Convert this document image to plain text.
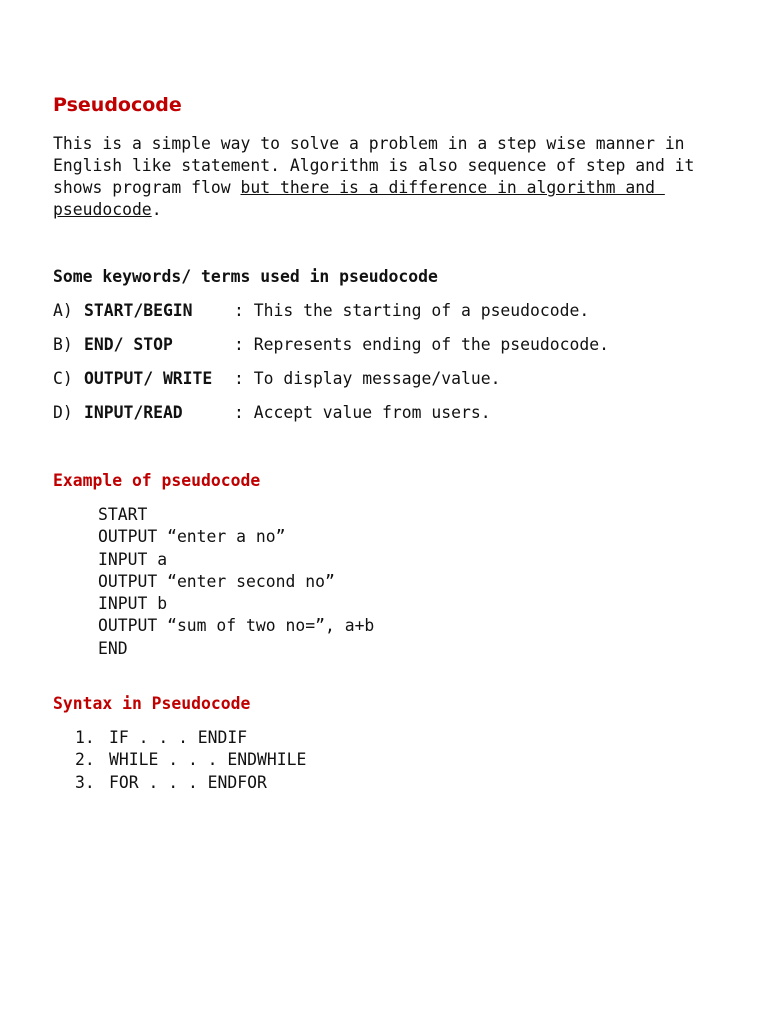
Pseudocode

This is a simple way to solve a problem in a step wise manner in English like statement. Algorithm is also sequence of step and it shows program flow but there is a difference in algorithm and pseudocode.

Some keywords/ terms used in pseudocode

A) START/BEGIN	: This the starting of a pseudocode.

B) END/ STOP	: Represents ending of the pseudocode.

C) OUTPUT/ WRITE : To display message/value.

D) INPUT/READ	: Accept value from users.

Example of pseudocode

START
OUTPUT “enter a no”
INPUT a
OUTPUT “enter second no”
INPUT b
OUTPUT “sum of two no=”, a+b
END

Syntax in Pseudocode

1. IF . . . ENDIF
2. WHILE . . . ENDWHILE
3. FOR . . . ENDFOR
